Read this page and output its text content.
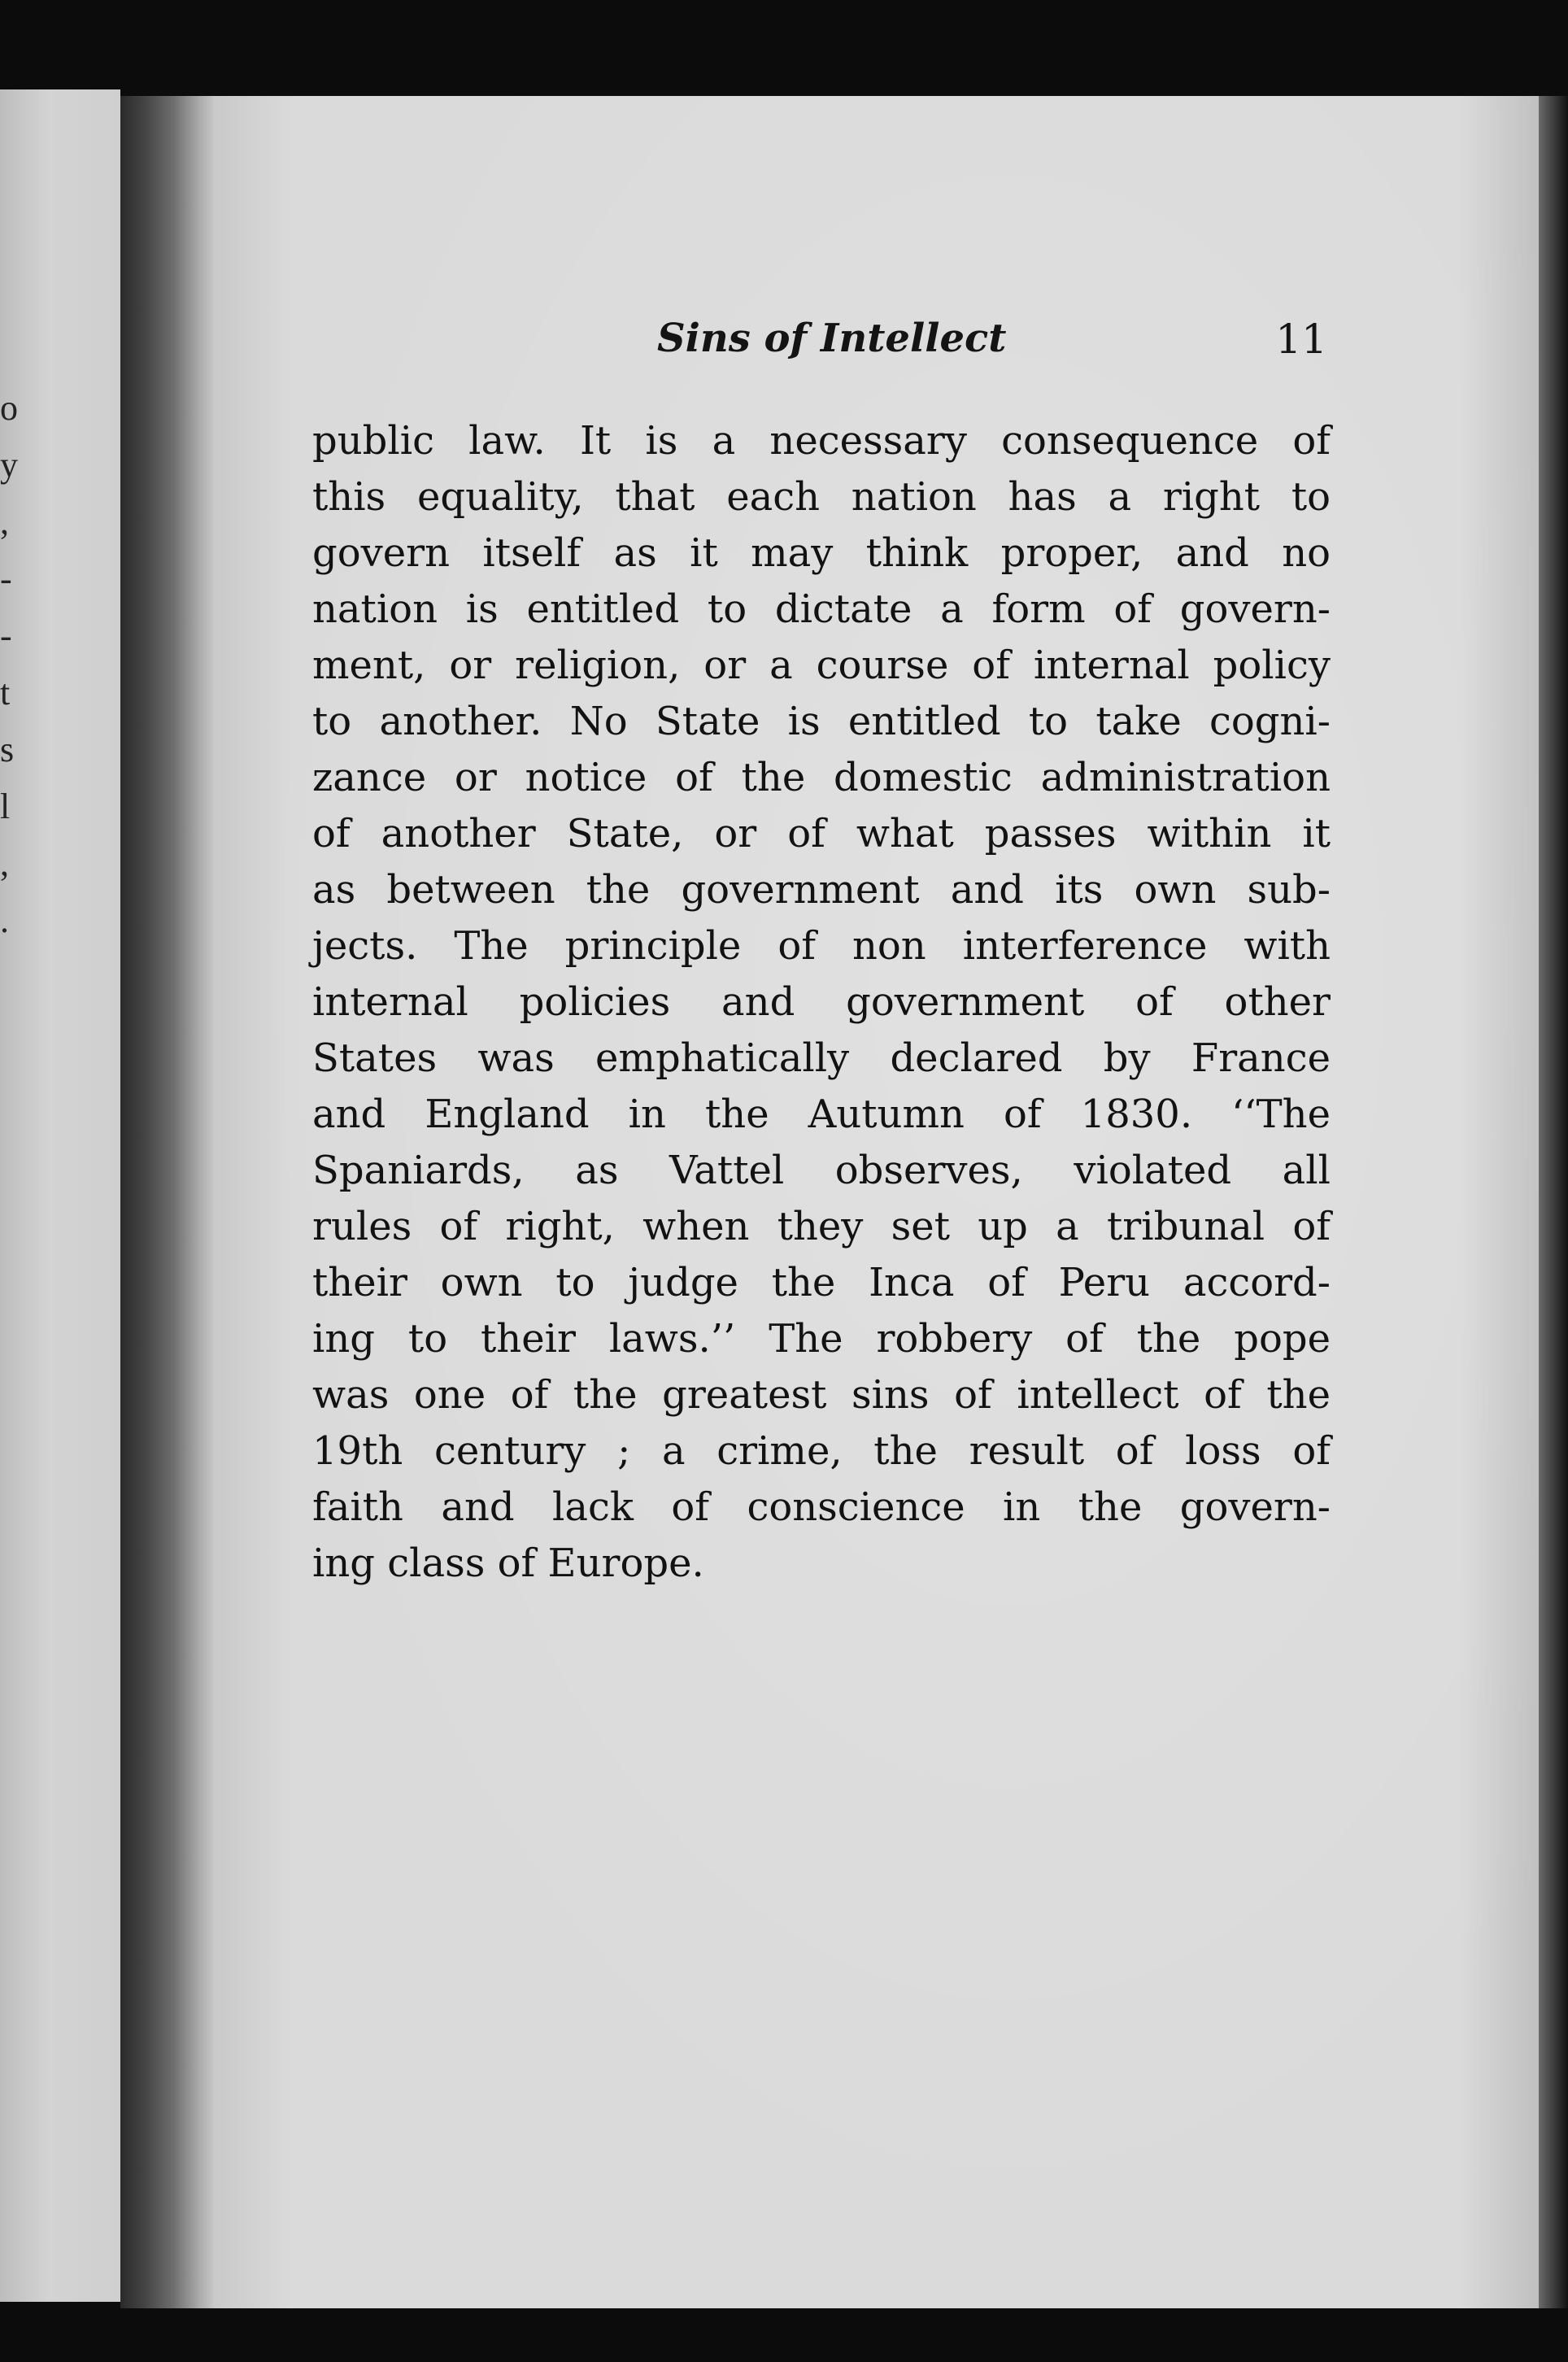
o
y
,
-
-
t
s
l
,
.
Sins of Intellect	11
public law. It is a necessary consequence of
this equality, that each nation has a right to
govern itself as it may think proper, and no
nation is entitled to dictate a form of govern-
ment, or religion, or a course of internal policy
to another. No State is entitled to take cogni-
zance or notice of the domestic administration
of another State, or of what passes within it
as between the government and its own sub-
jects. The principle of non interference with
internal policies and government of other
States was emphatically declared by France
and England in the Autumn of 1830. ‘‘The
Spaniards, as Vattel observes, violated all
rules of right, when they set up a tribunal of
their own to judge the Inca of Peru accord-
ing to their laws.’’ The robbery of the pope
was one of the greatest sins of intellect of the
19th century ; a crime, the result of loss of
faith and lack of conscience in the govern-
ing class of Europe.
